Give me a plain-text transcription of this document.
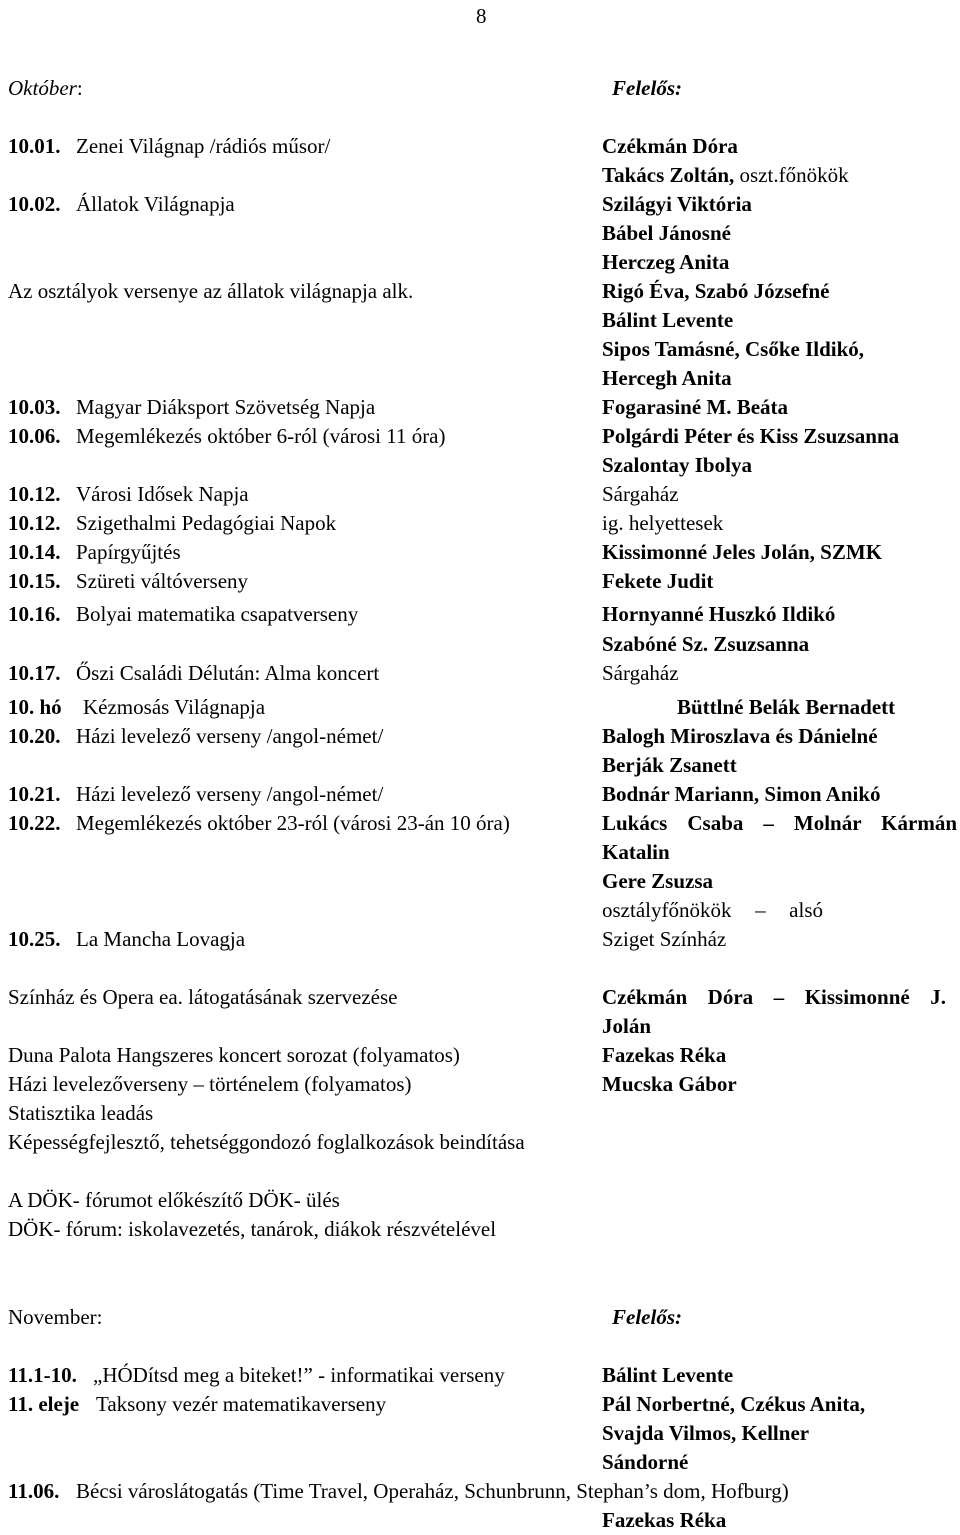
8
Október:	Felelős:
10.01. Zenei Világnap /rádiós műsor/	Czékmán Dóra
Takács Zoltán, oszt.főnökök
10.02. Állatok Világnapja	Szilágyi Viktória
Bábel Jánosné
Herczeg Anita
Az osztályok versenye az állatok világnapja alk.	Rigó Éva, Szabó Józsefné
Bálint Levente
Sipos Tamásné, Csőke Ildikó,
Hercegh Anita
10.03. Magyar Diáksport Szövetség Napja	Fogarasiné M. Beáta
10.06. Megemlékezés október 6-ról (városi 11 óra)	Polgárdi Péter és Kiss Zsuzsanna
Szalontay Ibolya
10.12. Városi Idősek Napja	Sárgaház
10.12. Szigethalmi Pedagógiai Napok	ig. helyettesek
10.14. Papírgyűjtés	Kissimonné Jeles Jolán, SZMK
10.15. Szüreti váltóverseny	Fekete Judit
10.16. Bolyai matematika csapatverseny	Hornyanné Huszkó Ildikó
Szabóné Sz. Zsuzsanna
10.17. Őszi Családi Délután: Alma koncert	Sárgaház
10. hó Kézmosás Világnapja	Büttlné Belák Bernadett
10.20. Házi levelező verseny /angol-német/	Balogh Miroszlava és Dánielné
Berják Zsanett
10.21. Házi levelező verseny /angol-német/	Bodnár Mariann, Simon Anikó
10.22. Megemlékezés október 23-ról (városi 23-án 10 óra)	Lukács Csaba – Molnár Kármán
Katalin
Gere Zsuzsa
osztályfőnökök – alsó
10.25. La Mancha Lovagja	Sziget Színház
Színház és Opera ea. látogatásának szervezése	Czékmán Dóra – Kissimonné J.
Jolán
Duna Palota Hangszeres koncert sorozat (folyamatos)	Fazekas Réka
Házi levelezőverseny – történelem (folyamatos)	Mucska Gábor
Statisztika leadás
Képességfejlesztő, tehetséggondozó foglalkozások beindítása
A DÖK- fórumot előkészítő DÖK- ülés
DÖK- fórum: iskolavezetés, tanárok, diákok részvételével
November:	Felelős:
11.1-10. „HÓDítsd meg a biteket!” - informatikai verseny	Bálint Levente
11. eleje Taksony vezér matematikaverseny	Pál Norbertné, Czékus Anita,
Svajda Vilmos, Kellner
Sándorné
11.06. Bécsi városlátogatás (Time Travel, Operaház, Schunbrunn, Stephan’s dom, Hofburg)
Fazekas Réka
